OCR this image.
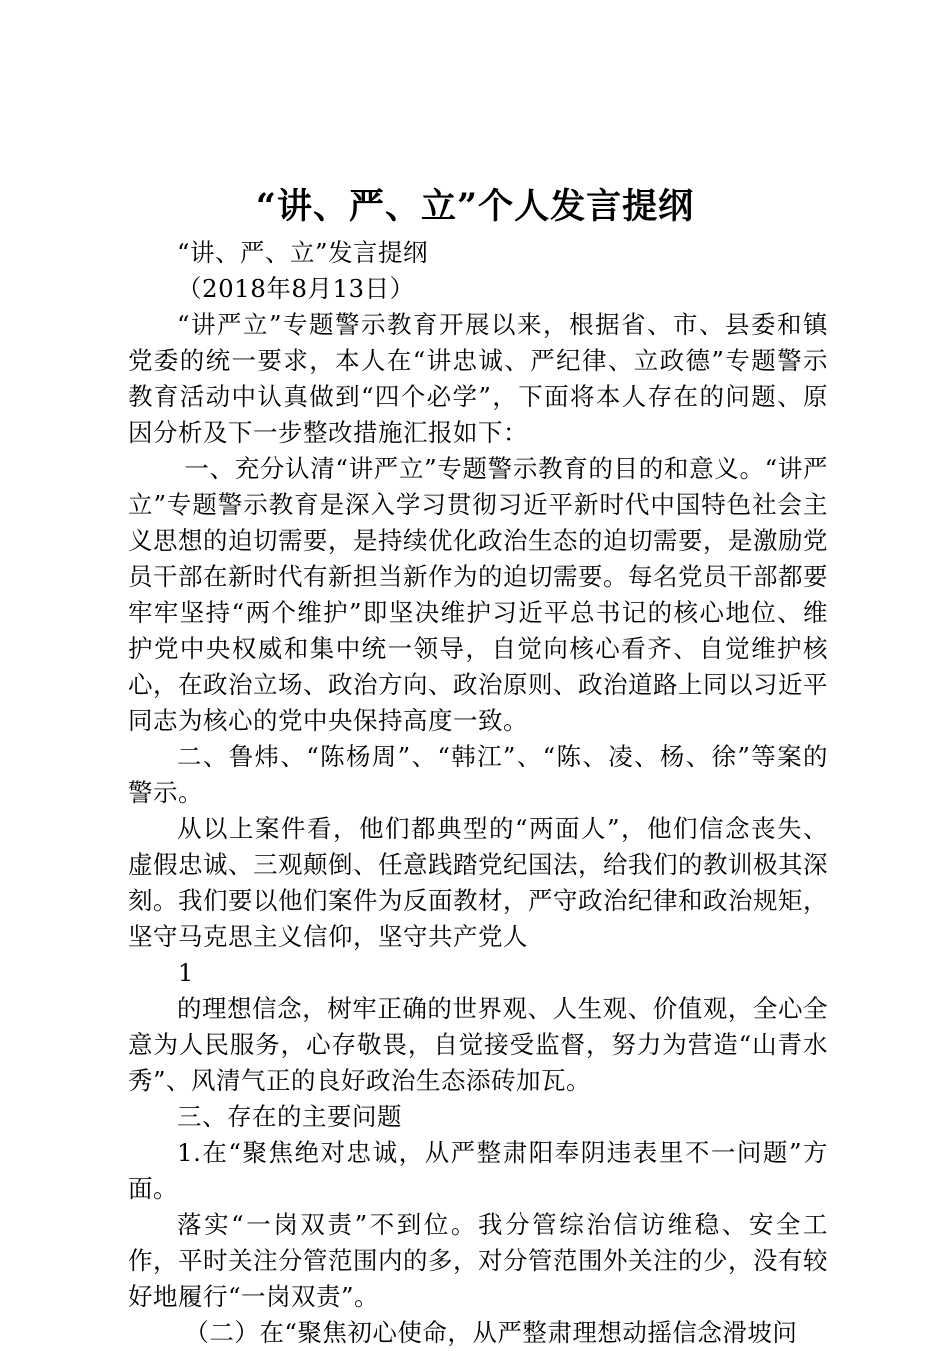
“讲、严、立”个人发言提纲

“讲、严、立”发言提纲

（2018年8月13日）

“讲严立”专题警示教育开展以来，根据省、市、县委和镇党委的统一要求，本人在“讲忠诚、严纪律、立政德”专题警示教育活动中认真做到“四个必学”，下面将本人存在的问题、原因分析及下一步整改措施汇报如下：

一、充分认清“讲严立”专题警示教育的目的和意义。“讲严立”专题警示教育是深入学习贯彻习近平新时代中国特色社会主义思想的迫切需要，是持续优化政治生态的迫切需要，是激励党员干部在新时代有新担当新作为的迫切需要。每名党员干部都要牢牢坚持“两个维护”即坚决维护习近平总书记的核心地位、维护党中央权威和集中统一领导，自觉向核心看齐、自觉维护核心，在政治立场、政治方向、政治原则、政治道路上同以习近平同志为核心的党中央保持高度一致。

二、鲁炜、“陈杨周”、“韩江”、“陈、凌、杨、徐”等案的警示。

从以上案件看，他们都典型的“两面人”，他们信念丧失、虚假忠诚、三观颠倒、任意践踏党纪国法，给我们的教训极其深刻。我们要以他们案件为反面教材，严守政治纪律和政治规矩，坚守马克思主义信仰，坚守共产党人

1

的理想信念，树牢正确的世界观、人生观、价值观，全心全意为人民服务，心存敬畏，自觉接受监督，努力为营造“山青水秀”、风清气正的良好政治生态添砖加瓦。

三、存在的主要问题

1.在“聚焦绝对忠诚，从严整肃阳奉阴违表里不一问题”方面。

落实“一岗双责”不到位。我分管综治信访维稳、安全工作，平时关注分管范围内的多，对分管范围外关注的少，没有较好地履行“一岗双责”。

（二）在“聚焦初心使命，从严整肃理想动摇信念滑坡问
